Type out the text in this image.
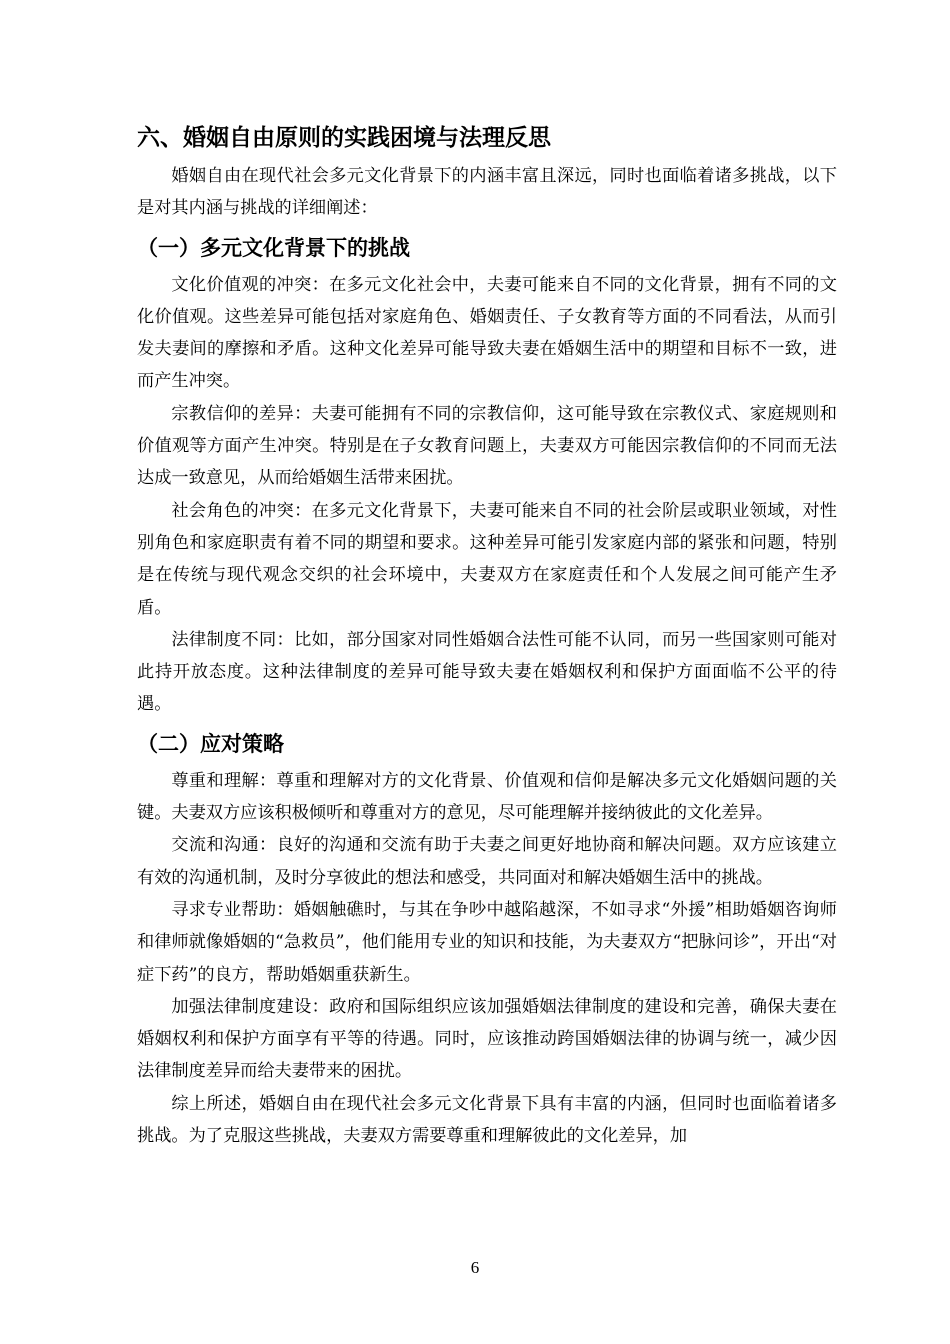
六、婚姻自由原则的实践困境与法理反思

婚姻自由在现代社会多元文化背景下的内涵丰富且深远，同时也面临着诸多挑战，以下是对其内涵与挑战的详细阐述：

（一）多元文化背景下的挑战

文化价值观的冲突：在多元文化社会中，夫妻可能来自不同的文化背景，拥有不同的文化价值观。这些差异可能包括对家庭角色、婚姻责任、子女教育等方面的不同看法，从而引发夫妻间的摩擦和矛盾。这种文化差异可能导致夫妻在婚姻生活中的期望和目标不一致，进而产生冲突。

宗教信仰的差异：夫妻可能拥有不同的宗教信仰，这可能导致在宗教仪式、家庭规则和价值观等方面产生冲突。特别是在子女教育问题上，夫妻双方可能因宗教信仰的不同而无法达成一致意见，从而给婚姻生活带来困扰。

社会角色的冲突：在多元文化背景下，夫妻可能来自不同的社会阶层或职业领域，对性别角色和家庭职责有着不同的期望和要求。这种差异可能引发家庭内部的紧张和问题，特别是在传统与现代观念交织的社会环境中，夫妻双方在家庭责任和个人发展之间可能产生矛盾。

法律制度不同：比如，部分国家对同性婚姻合法性可能不认同，而另一些国家则可能对此持开放态度。这种法律制度的差异可能导致夫妻在婚姻权利和保护方面面临不公平的待遇。

（二）应对策略

尊重和理解：尊重和理解对方的文化背景、价值观和信仰是解决多元文化婚姻问题的关键。夫妻双方应该积极倾听和尊重对方的意见，尽可能理解并接纳彼此的文化差异。

交流和沟通：良好的沟通和交流有助于夫妻之间更好地协商和解决问题。双方应该建立有效的沟通机制，及时分享彼此的想法和感受，共同面对和解决婚姻生活中的挑战。

寻求专业帮助：婚姻触礁时，与其在争吵中越陷越深，不如寻求“外援”相助婚姻咨询师和律师就像婚姻的“急救员”，他们能用专业的知识和技能，为夫妻双方“把脉问诊”，开出“对症下药”的良方，帮助婚姻重获新生。

加强法律制度建设：政府和国际组织应该加强婚姻法律制度的建设和完善，确保夫妻在婚姻权利和保护方面享有平等的待遇。同时，应该推动跨国婚姻法律的协调与统一，减少因法律制度差异而给夫妻带来的困扰。

综上所述，婚姻自由在现代社会多元文化背景下具有丰富的内涵，但同时也面临着诸多挑战。为了克服这些挑战，夫妻双方需要尊重和理解彼此的文化差异，加

6
